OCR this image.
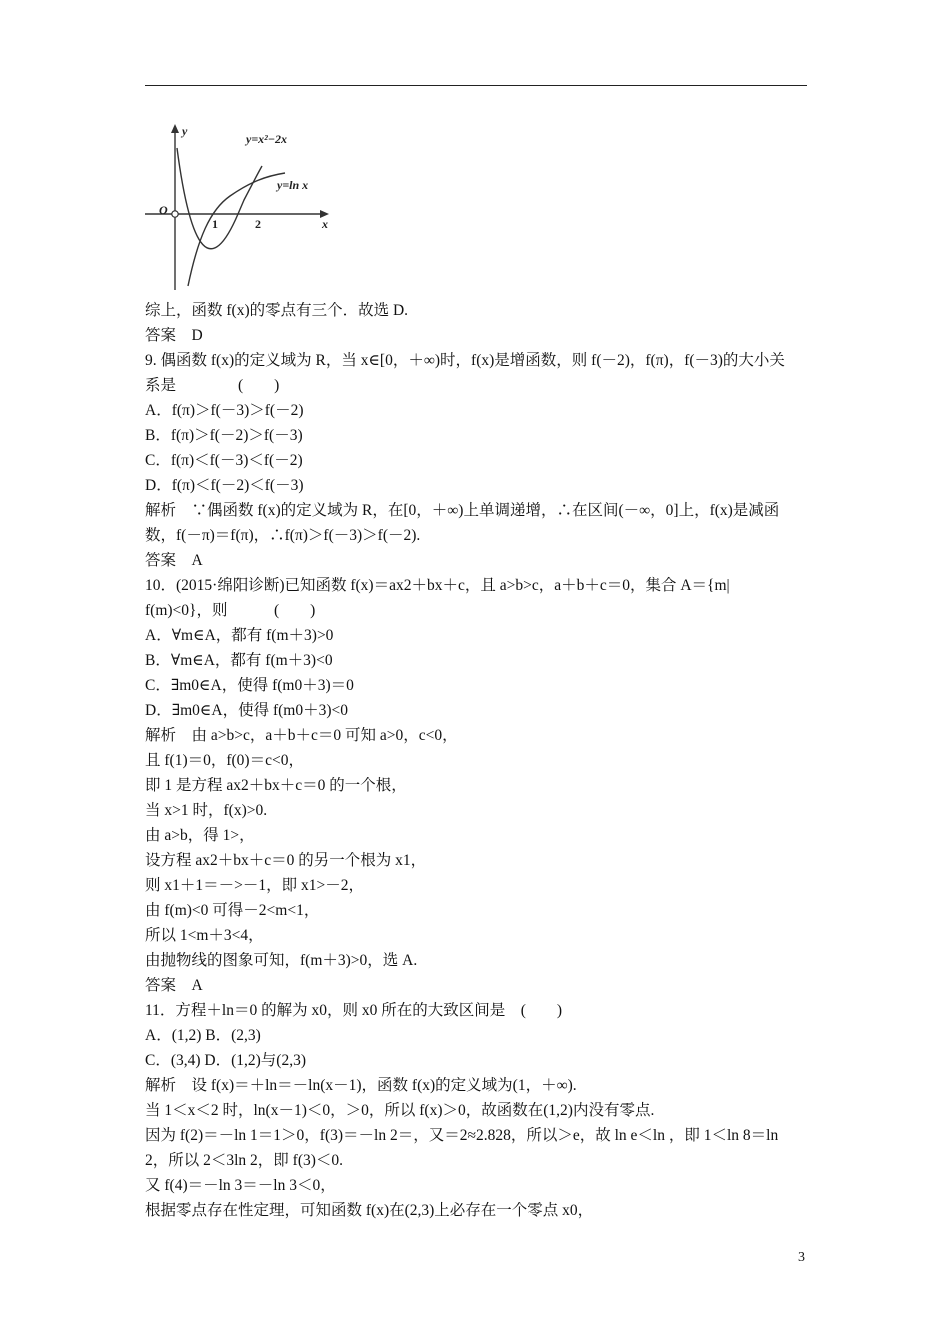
y
x
O
y=x²−2x
y=ln x
1	2

综上，函数 f(x)的零点有三个．故选 D.

答案　D

9. 偶函数 f(x)的定义域为 R，当 x∈[0，＋∞)时，f(x)是增函数，则 f(－2)，f(π)，f(－3)的大小关

系是　　　　(　　)

A．f(π)＞f(－3)＞f(－2)

B．f(π)＞f(－2)＞f(－3)

C．f(π)＜f(－3)＜f(－2)

D．f(π)＜f(－2)＜f(－3)

解析　∵偶函数 f(x)的定义域为 R，在[0，＋∞)上单调递增，∴在区间(－∞，0]上，f(x)是减函

数，f(－π)＝f(π)，∴f(π)＞f(－3)＞f(－2).

答案　A

10．(2015·绵阳诊断)已知函数 f(x)＝ax2＋bx＋c，且 a>b>c，a＋b＋c＝0，集合 A＝{m|

f(m)<0}，则　　　(　　)

A．∀m∈A，都有 f(m＋3)>0

B．∀m∈A，都有 f(m＋3)<0

C．∃m0∈A，使得 f(m0＋3)＝0

D．∃m0∈A，使得 f(m0＋3)<0

解析　由 a>b>c，a＋b＋c＝0 可知 a>0，c<0，

且 f(1)＝0，f(0)＝c<0，

即 1 是方程 ax2＋bx＋c＝0 的一个根，

当 x>1 时，f(x)>0.

由 a>b，得 1>，

设方程 ax2＋bx＋c＝0 的另一个根为 x1，

则 x1＋1＝－>－1，即 x1>－2，

由 f(m)<0 可得－2<m<1，

所以 1<m＋3<4，

由抛物线的图象可知，f(m＋3)>0，选 A.

答案　A

11．方程＋ln＝0 的解为 x0，则 x0 所在的大致区间是　(　　)

A．(1,2) B．(2,3)

C．(3,4) D．(1,2)与(2,3)

解析　设 f(x)＝＋ln＝－ln(x－1)，函数 f(x)的定义域为(1，＋∞).

当 1＜x＜2 时，ln(x－1)＜0，＞0，所以 f(x)＞0，故函数在(1,2)内没有零点.

因为 f(2)＝－ln 1＝1＞0，f(3)＝－ln 2＝，又＝2≈2.828，所以＞e，故 ln e＜ln ，即 1＜ln 8＝ln

2，所以 2＜3ln 2，即 f(3)＜0.

又 f(4)＝－ln 3＝－ln 3＜0，

根据零点存在性定理，可知函数 f(x)在(2,3)上必存在一个零点 x0，

3
